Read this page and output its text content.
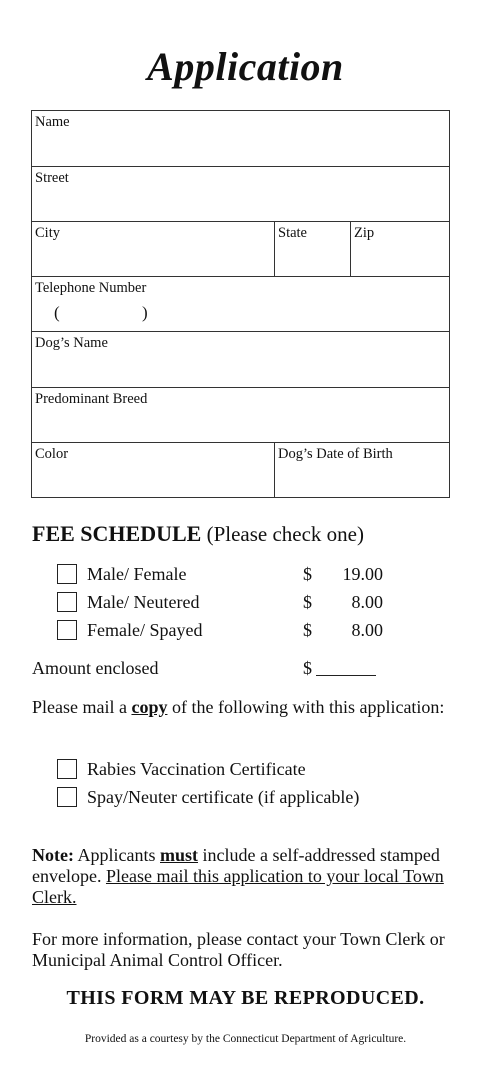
Application
Name
Street
City	State	Zip
Telephone Number
(	)
Dog’s Name
Predominant Breed
Color	Dog’s Date of Birth
FEE SCHEDULE (Please check one)
Male/ Female	$ 19.00
Male/ Neutered	$ 8.00
Female/ Spayed	$ 8.00
Amount enclosed	$
Please mail a copy of the following with this application:
Rabies Vaccination Certificate
Spay/Neuter certificate (if applicable)
Note: Applicants must include a self-addressed stamped envelope. Please mail this application to your local Town Clerk.
For more information, please contact your Town Clerk or Municipal Animal Control Officer.
THIS FORM MAY BE REPRODUCED.
Provided as a courtesy by the Connecticut Department of Agriculture.
